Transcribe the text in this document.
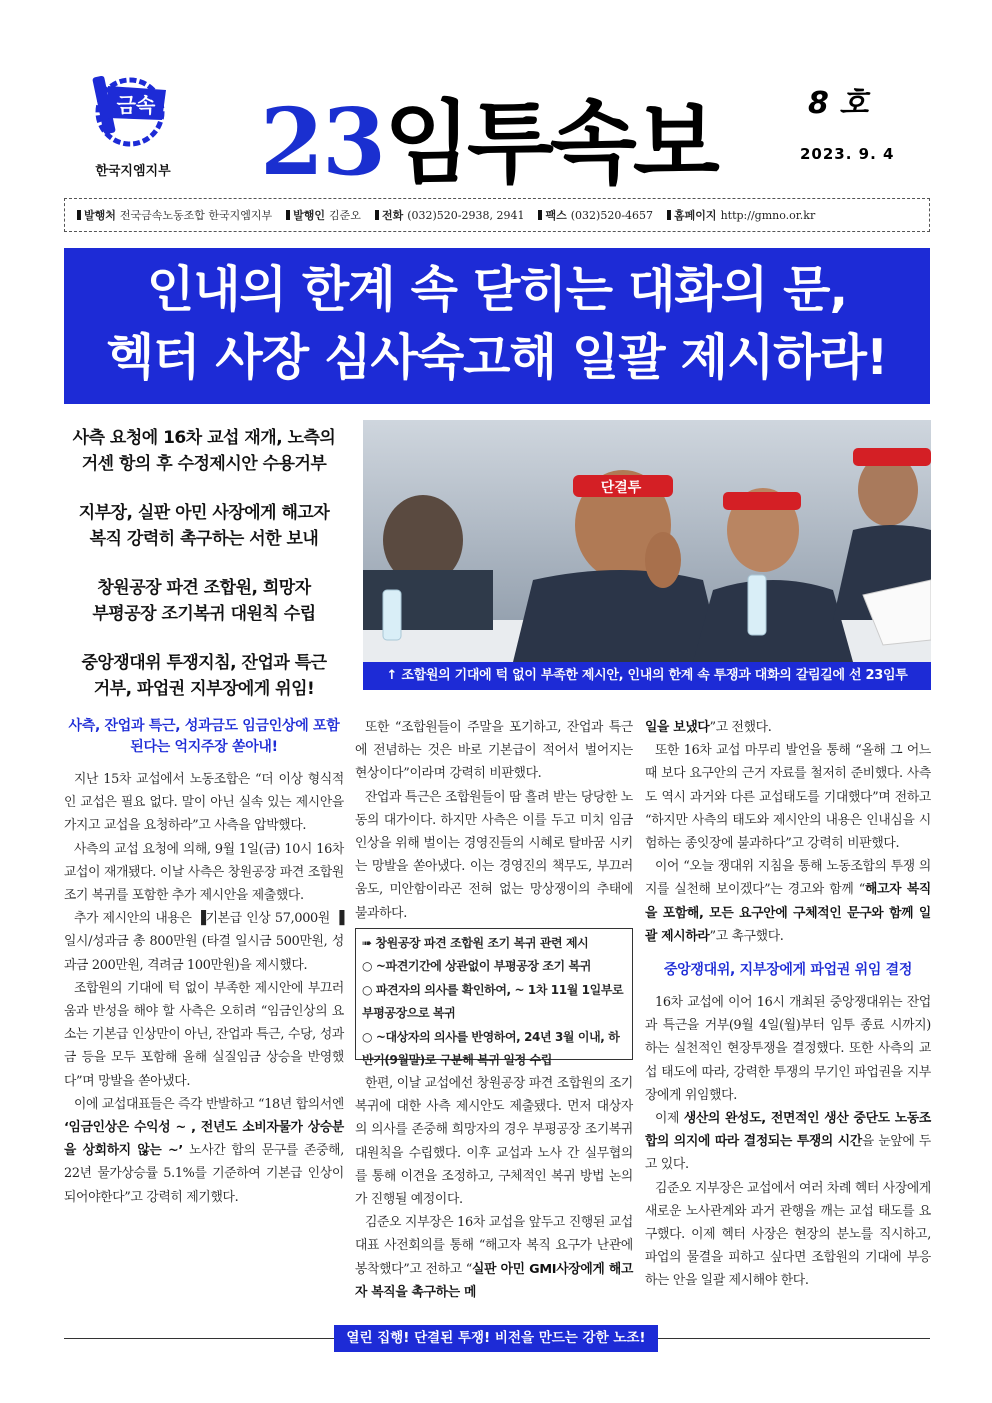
금속
한국지엠지부 23임투속보	8 호
2023. 9. 4
발행처 전국금속노동조합 한국지엠지부	발행인 김준오	전화 (032)520-2938, 2941	팩스 (032)520-4657	홈페이지 http://gmno.or.kr
인내의 한계 속 닫히는 대화의 문,
헥터 사장 심사숙고해 일괄 제시하라!
사측 요청에 16차 교섭 재개, 노측의
거센 항의 후 수정제시안 수용거부
지부장, 실판 아민 사장에게 해고자
복직 강력히 촉구하는 서한 보내
창원공장 파견 조합원, 희망자
부평공장 조기복귀 대원칙 수립
중앙쟁대위 투쟁지침, 잔업과 특근
거부, 파업권 지부장에게 위임!
단결투
↑ 조합원의 기대에 턱 없이 부족한 제시안, 인내의 한계 속 투쟁과 대화의 갈림길에 선 23임투
사측, 잔업과 특근, 성과금도 임금인상에 포함된다는 억지주장 쏟아내!

지난 15차 교섭에서 노동조합은 “더 이상 형식적인 교섭은 필요 없다. 말이 아닌 실속 있는 제시안을 가지고 교섭을 요청하라”고 사측을 압박했다.

사측의 교섭 요청에 의해, 9월 1일(금) 10시 16차 교섭이 재개됐다. 이날 사측은 창원공장 파견 조합원 조기 복귀를 포함한 추가 제시안을 제출했다.

추가 제시안의 내용은 ▐기본급 인상 57,000원 ▐일시/성과금 총 800만원 (타결 일시금 500만원, 성과금 200만원, 격려금 100만원)을 제시했다.

조합원의 기대에 턱 없이 부족한 제시안에 부끄러움과 반성을 해야 할 사측은 오히려 “임금인상의 요소는 기본급 인상만이 아닌, 잔업과 특근, 수당, 성과금 등을 모두 포함해 올해 실질임금 상승을 반영했다”며 망발을 쏟아냈다.

이에 교섭대표들은 즉각 반발하고 “18년 합의서엔 ‘임금인상은 수익성 ~ , 전년도 소비자물가 상승분을 상회하지 않는 ~’ 노사간 합의 문구를 존중해, 22년 물가상승률 5.1%를 기준하여 기본급 인상이 되어야한다”고 강력히 제기했다.

또한 “조합원들이 주말을 포기하고, 잔업과 특근에 전념하는 것은 바로 기본급이 적어서 벌어지는 현상이다”이라며 강력히 비판했다.

잔업과 특근은 조합원들이 땀 흘려 받는 당당한 노동의 대가이다. 하지만 사측은 이를 두고 미치 임금인상을 위해 벌이는 경영진들의 시혜로 탈바꿈 시키는 망발을 쏟아냈다. 이는 경영진의 책무도, 부끄러움도, 미안함이라곤 전혀 없는 망상쟁이의 추태에 불과하다.

➠ 창원공장 파견 조합원 조기 복귀 관련 제시
○ ~파견기간에 상관없이 부평공장 조기 복귀
○ 파견자의 의사를 확인하여, ~ 1차 11월 1일부로 부평공장으로 복귀
○ ~대상자의 의사를 반영하여, 24년 3월 이내, 하반기(9월말)로 구분해 복귀 일정 수립

한편, 이날 교섭에선 창원공장 파견 조합원의 조기 복귀에 대한 사측 제시안도 제출됐다. 먼저 대상자의 의사를 존중해 희망자의 경우 부평공장 조기복귀 대원칙을 수립했다. 이후 교섭과 노사 간 실무협의를 통해 이견을 조정하고, 구체적인 복귀 방법 논의가 진행될 예정이다.

김준오 지부장은 16차 교섭을 앞두고 진행된 교섭대표 사전회의를 통해 “해고자 복직 요구가 난관에 봉착했다”고 전하고 “실판 아민 GMI사장에게 해고자 복직을 촉구하는 메

일을 보냈다”고 전했다.

또한 16차 교섭 마무리 발언을 통해 “올해 그 어느 때 보다 요구안의 근거 자료를 철저히 준비했다. 사측도 역시 과거와 다른 교섭태도를 기대했다”며 전하고 “하지만 사측의 태도와 제시안의 내용은 인내심을 시험하는 종잇장에 불과하다”고 강력히 비판했다.

이어 “오늘 쟁대위 지침을 통해 노동조합의 투쟁 의지를 실천해 보이겠다”는 경고와 함께 “해고자 복직을 포함해, 모든 요구안에 구체적인 문구와 함께 일괄 제시하라”고 촉구했다.

중앙쟁대위, 지부장에게 파업권 위임 결정

16차 교섭에 이어 16시 개최된 중앙쟁대위는 잔업과 특근을 거부(9월 4일(월)부터 임투 종료 시까지)하는 실천적인 현장투쟁을 결정했다. 또한 사측의 교섭 태도에 따라, 강력한 투쟁의 무기인 파업권을 지부장에게 위임했다.

이제 생산의 완성도, 전면적인 생산 중단도 노동조합의 의지에 따라 결정되는 투쟁의 시간을 눈앞에 두고 있다.

김준오 지부장은 교섭에서 여러 차례 헥터 사장에게 새로운 노사관계와 과거 관행을 깨는 교섭 태도를 요구했다. 이제 헥터 사장은 현장의 분노를 직시하고, 파업의 물결을 피하고 싶다면 조합원의 기대에 부응하는 안을 일괄 제시해야 한다.

열린 집행! 단결된 투쟁! 비전을 만드는 강한 노조!
